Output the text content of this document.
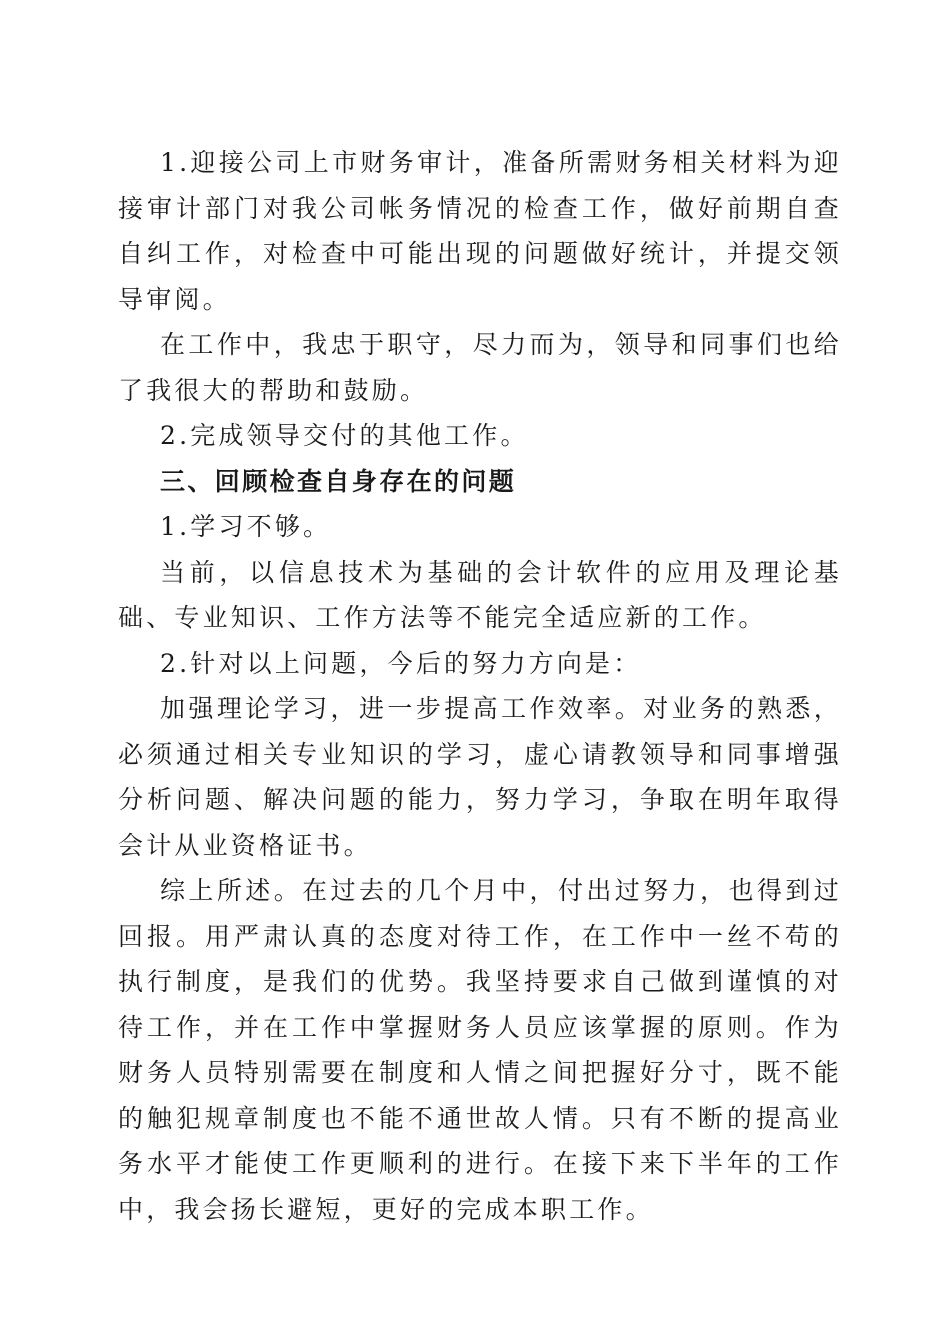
1.迎接公司上市财务审计，准备所需财务相关材料为迎接审计部门对我公司帐务情况的检查工作，做好前期自查自纠工作，对检查中可能出现的问题做好统计，并提交领导审阅。

在工作中，我忠于职守，尽力而为，领导和同事们也给了我很大的帮助和鼓励。

2.完成领导交付的其他工作。

三、回顾检查自身存在的问题

1.学习不够。

当前，以信息技术为基础的会计软件的应用及理论基础、专业知识、工作方法等不能完全适应新的工作。

2.针对以上问题，今后的努力方向是：

加强理论学习，进一步提高工作效率。对业务的熟悉，必须通过相关专业知识的学习，虚心请教领导和同事增强分析问题、解决问题的能力，努力学习，争取在明年取得会计从业资格证书。

综上所述。在过去的几个月中，付出过努力，也得到过回报。用严肃认真的态度对待工作，在工作中一丝不苟的执行制度，是我们的优势。我坚持要求自己做到谨慎的对待工作，并在工作中掌握财务人员应该掌握的原则。作为财务人员特别需要在制度和人情之间把握好分寸，既不能的触犯规章制度也不能不通世故人情。只有不断的提高业务水平才能使工作更顺利的进行。在接下来下半年的工作中，我会扬长避短，更好的完成本职工作。
